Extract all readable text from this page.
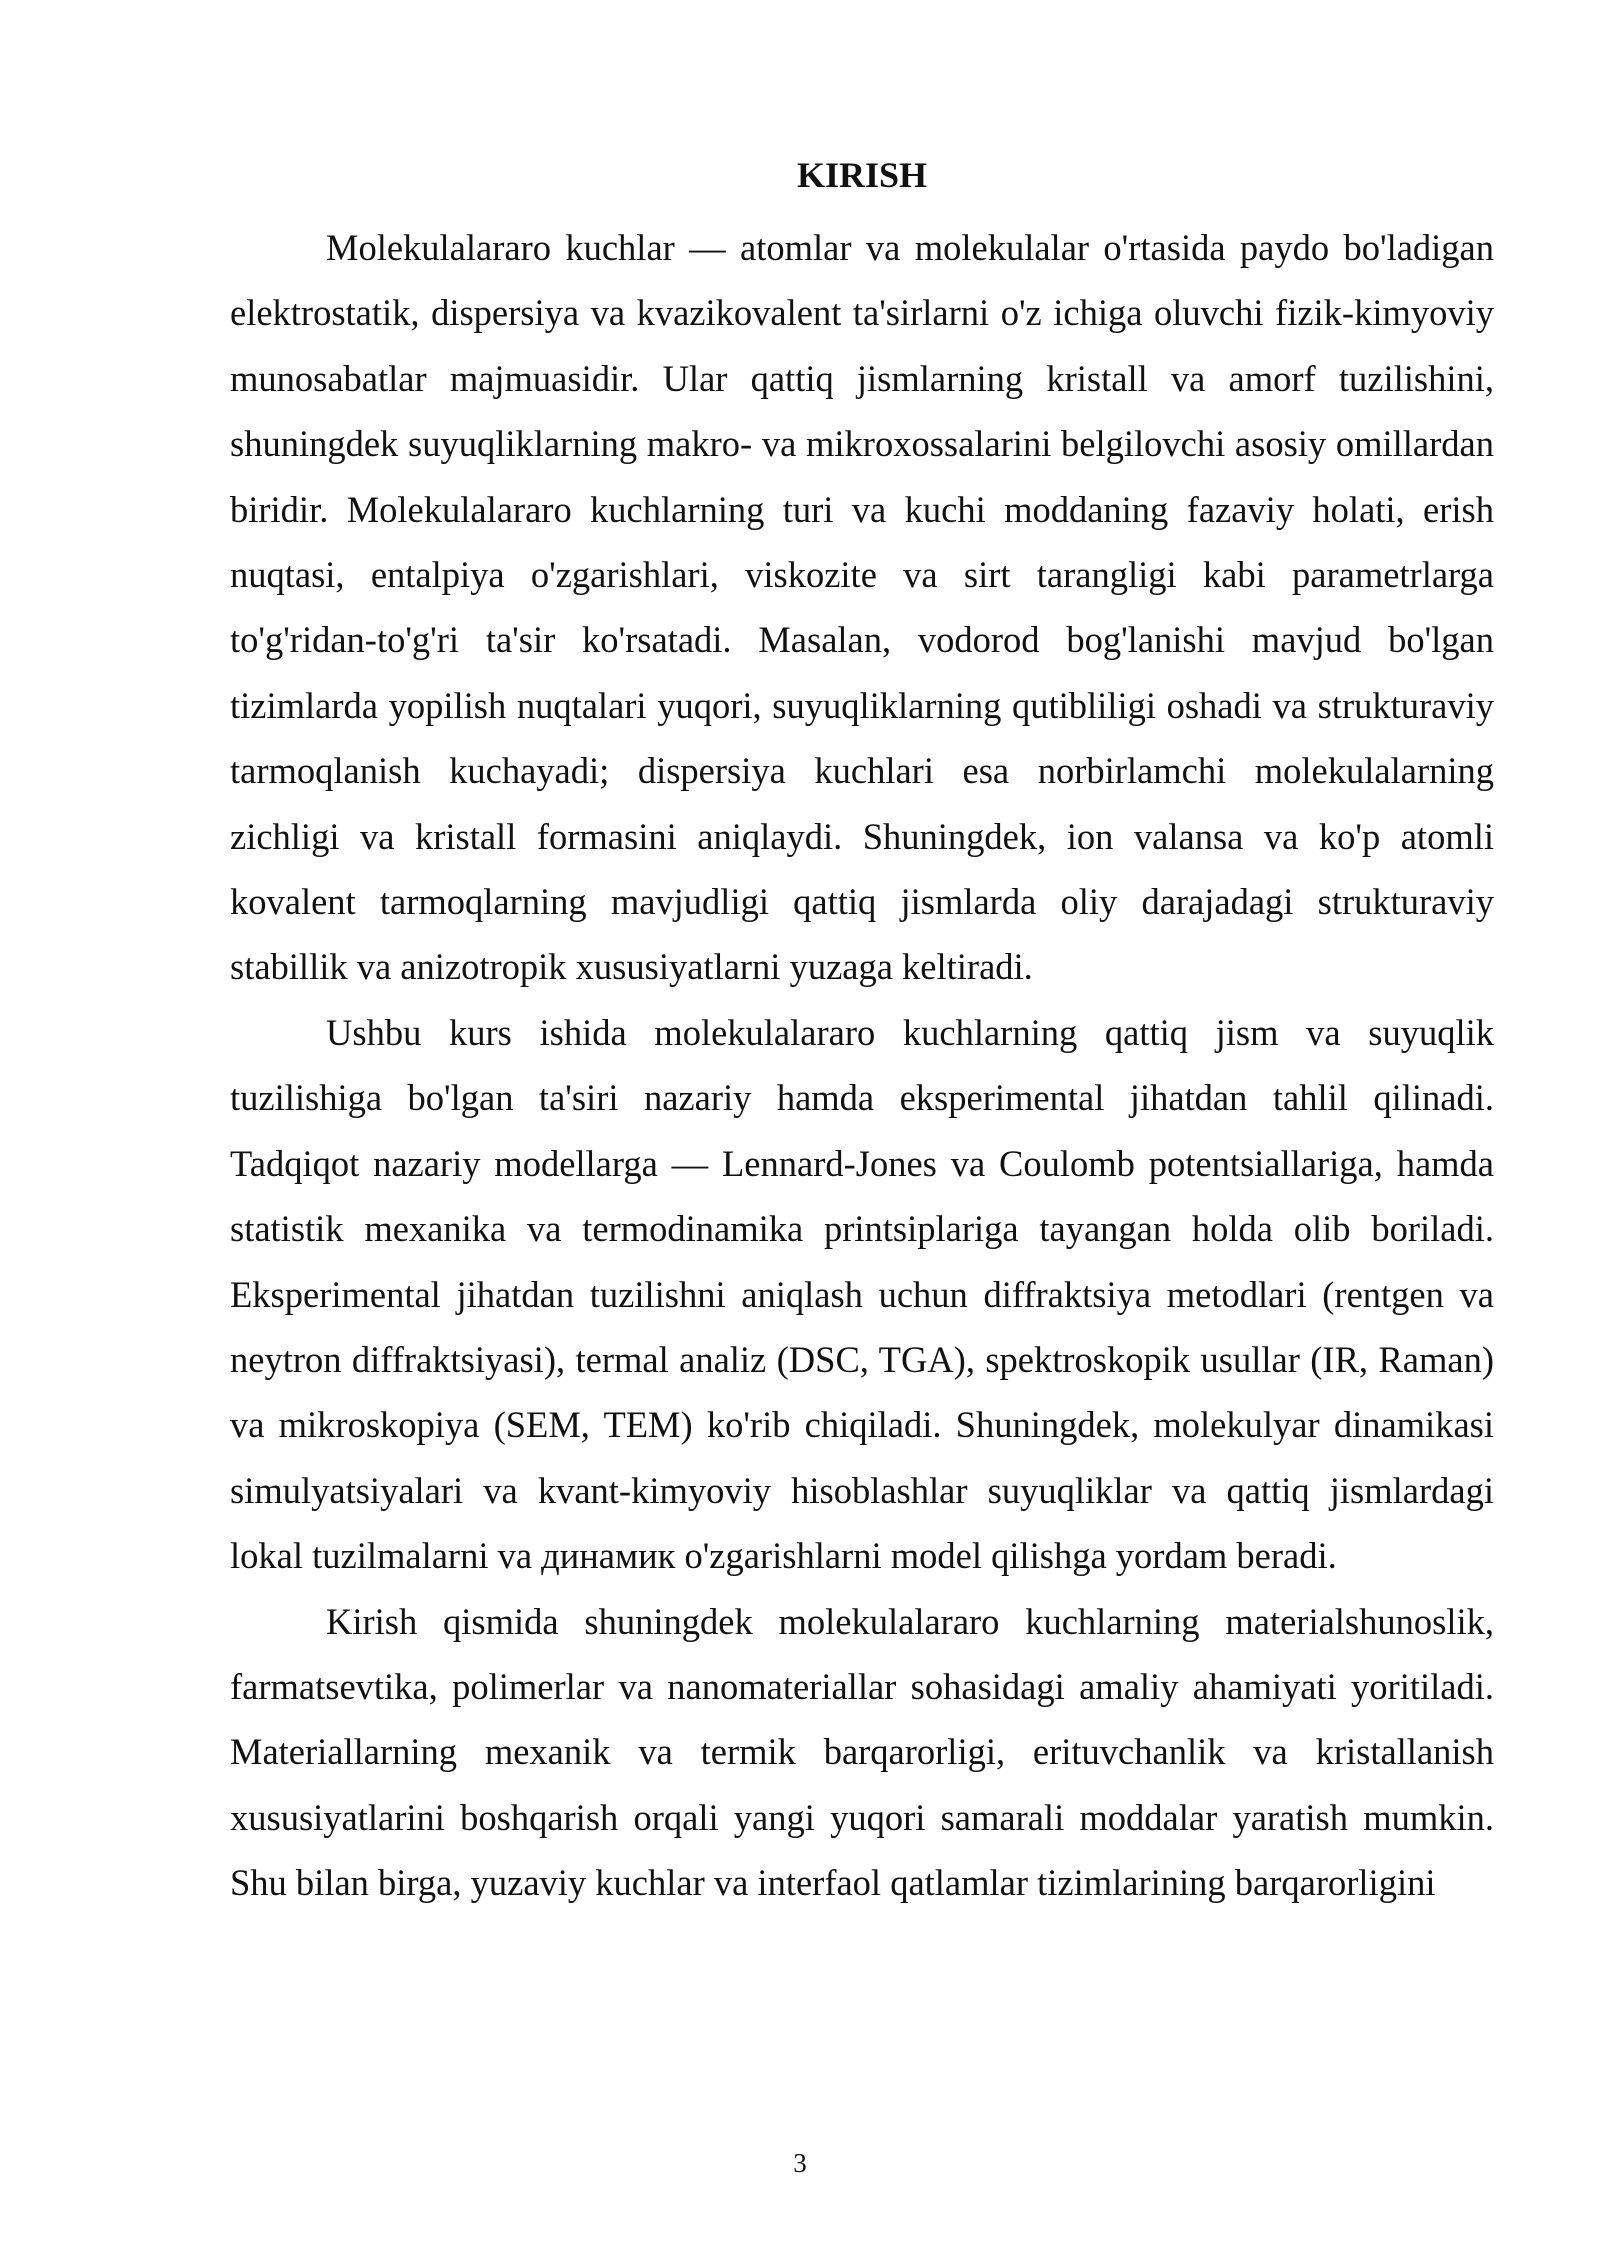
KIRISH

Molekulalararo kuchlar — atomlar va molekulalar o'rtasida paydo bo'ladigan elektrostatik, dispersiya va kvazikovalent ta'sirlarni o'z ichiga oluvchi fizik-kimyoviy munosabatlar majmuasidir. Ular qattiq jismlarning kristall va amorf tuzilishini, shuningdek suyuqliklarning makro- va mikroxossalarini belgilovchi asosiy omillardan biridir. Molekulalararo kuchlarning turi va kuchi moddaning fazaviy holati, erish nuqtasi, entalpiya o'zgarishlari, viskozite va sirt tarangligi kabi parametrlarga to'g'ridan-to'g'ri ta'sir ko'rsatadi. Masalan, vodorod bog'lanishi mavjud bo'lgan tizimlarda yopilish nuqtalari yuqori, suyuqliklarning qutibliligi oshadi va strukturaviy tarmoqlanish kuchayadi; dispersiya kuchlari esa norbirlamchi molekulalarning zichligi va kristall formasini aniqlaydi. Shuningdek, ion valansa va ko'p atomli kovalent tarmoqlarning mavjudligi qattiq jismlarda oliy darajadagi strukturaviy stabillik va anizotropik xususiyatlarni yuzaga keltiradi.

Ushbu kurs ishida molekulalararo kuchlarning qattiq jism va suyuqlik tuzilishiga bo'lgan ta'siri nazariy hamda eksperimental jihatdan tahlil qilinadi. Tadqiqot nazariy modellarga — Lennard-Jones va Coulomb potentsiallariga, hamda statistik mexanika va termodinamika printsiplariga tayangan holda olib boriladi. Eksperimental jihatdan tuzilishni aniqlash uchun diffraktsiya metodlari (rentgen va neytron diffraktsiyasi), termal analiz (DSC, TGA), spektroskopik usullar (IR, Raman) va mikroskopiya (SEM, TEM) ko'rib chiqiladi. Shuningdek, molekulyar dinamikasi simulyatsiyalari va kvant-kimyoviy hisoblashlar suyuqliklar va qattiq jismlardagi lokal tuzilmalarni va динамик o'zgarishlarni model qilishga yordam beradi.

Kirish qismida shuningdek molekulalararo kuchlarning materialshunoslik, farmatsevtika, polimerlar va nanomateriallar sohasidagi amaliy ahamiyati yoritiladi. Materiallarning mexanik va termik barqarorligi, erituvchanlik va kristallanish xususiyatlarini boshqarish orqali yangi yuqori samarali moddalar yaratish mumkin. Shu bilan birga, yuzaviy kuchlar va interfaol qatlamlar tizimlarining barqarorligini

3
